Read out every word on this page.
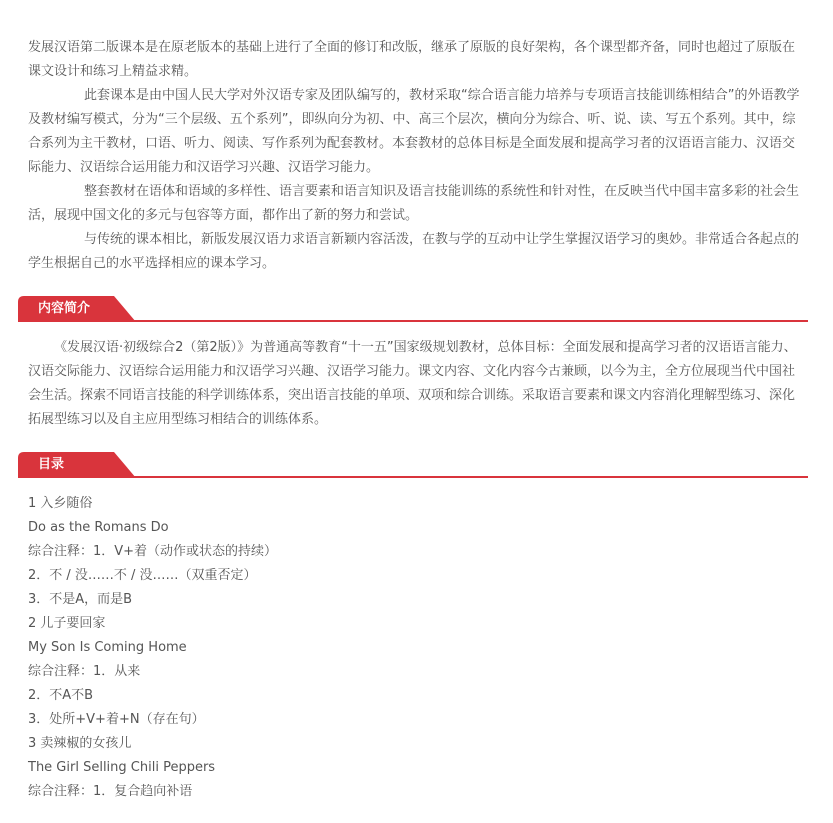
发展汉语第二版课本是在原老版本的基础上进行了全面的修订和改版，继承了原版的良好架构，各个课型都齐备，同时也超过了原版在课文设计和练习上精益求精。

此套课本是由中国人民大学对外汉语专家及团队编写的，教材采取“综合语言能力培养与专项语言技能训练相结合”的外语教学及教材编写模式，分为“三个层级、五个系列”，即纵向分为初、中、高三个层次，横向分为综合、听、说、读、写五个系列。其中，综合系列为主干教材，口语、听力、阅读、写作系列为配套教材。本套教材的总体目标是全面发展和提高学习者的汉语语言能力、汉语交际能力、汉语综合运用能力和汉语学习兴趣、汉语学习能力。

整套教材在语体和语域的多样性、语言要素和语言知识及语言技能训练的系统性和针对性，在反映当代中国丰富多彩的社会生活，展现中国文化的多元与包容等方面，都作出了新的努力和尝试。

与传统的课本相比，新版发展汉语力求语言新颖内容活泼，在教与学的互动中让学生掌握汉语学习的奥妙。非常适合各起点的学生根据自己的水平选择相应的课本学习。

内容简介

《发展汉语·初级综合2（第2版）》为普通高等教育“十一五”国家级规划教材，总体目标：全面发展和提高学习者的汉语语言能力、汉语交际能力、汉语综合运用能力和汉语学习兴趣、汉语学习能力。课文内容、文化内容今古兼顾，以今为主，全方位展现当代中国社会生活。探索不同语言技能的科学训练体系，突出语言技能的单项、双项和综合训练。采取语言要素和课文内容消化理解型练习、深化拓展型练习以及自主应用型练习相结合的训练体系。

目录
1 入乡随俗
Do as the Romans Do
综合注释：1．V+着（动作或状态的持续）
2．不 / 没……不 / 没……（双重否定）
3．不是A，而是B
2 儿子要回家
My Son Is Coming Home
综合注释：1．从来
2．不A不B
3．处所+V+着+N（存在句）
3 卖辣椒的女孩儿
The Girl Selling Chili Peppers
综合注释：1．复合趋向补语
